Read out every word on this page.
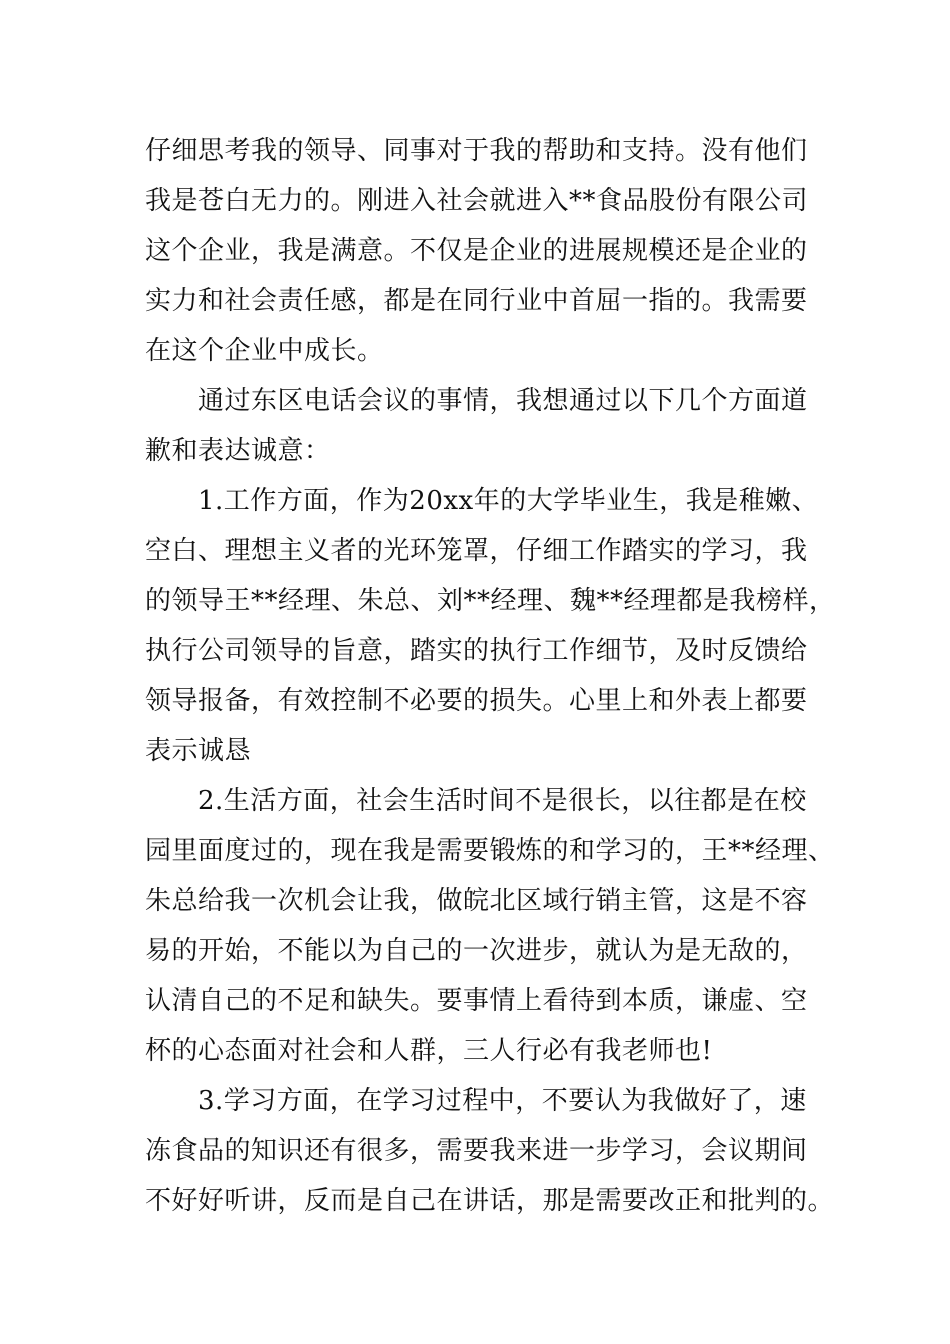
仔细思考我的领导、同事对于我的帮助和支持。没有他们
我是苍白无力的。刚进入社会就进入**食品股份有限公司
这个企业，我是满意。不仅是企业的进展规模还是企业的
实力和社会责任感，都是在同行业中首屈一指的。我需要
在这个企业中成长。
通过东区电话会议的事情，我想通过以下几个方面道
歉和表达诚意：
1.工作方面，作为20xx年的大学毕业生，我是稚嫩、
空白、理想主义者的光环笼罩，仔细工作踏实的学习，我
的领导王**经理、朱总、刘**经理、魏**经理都是我榜样，
执行公司领导的旨意，踏实的执行工作细节，及时反馈给
领导报备，有效控制不必要的损失。心里上和外表上都要
表示诚恳
2.生活方面，社会生活时间不是很长，以往都是在校
园里面度过的，现在我是需要锻炼的和学习的，王**经理、
朱总给我一次机会让我，做皖北区域行销主管，这是不容
易的开始，不能以为自己的一次进步，就认为是无敌的，
认清自己的不足和缺失。要事情上看待到本质，谦虚、空
杯的心态面对社会和人群，三人行必有我老师也!
3.学习方面，在学习过程中，不要认为我做好了，速
冻食品的知识还有很多，需要我来进一步学习，会议期间
不好好听讲，反而是自己在讲话，那是需要改正和批判的。
